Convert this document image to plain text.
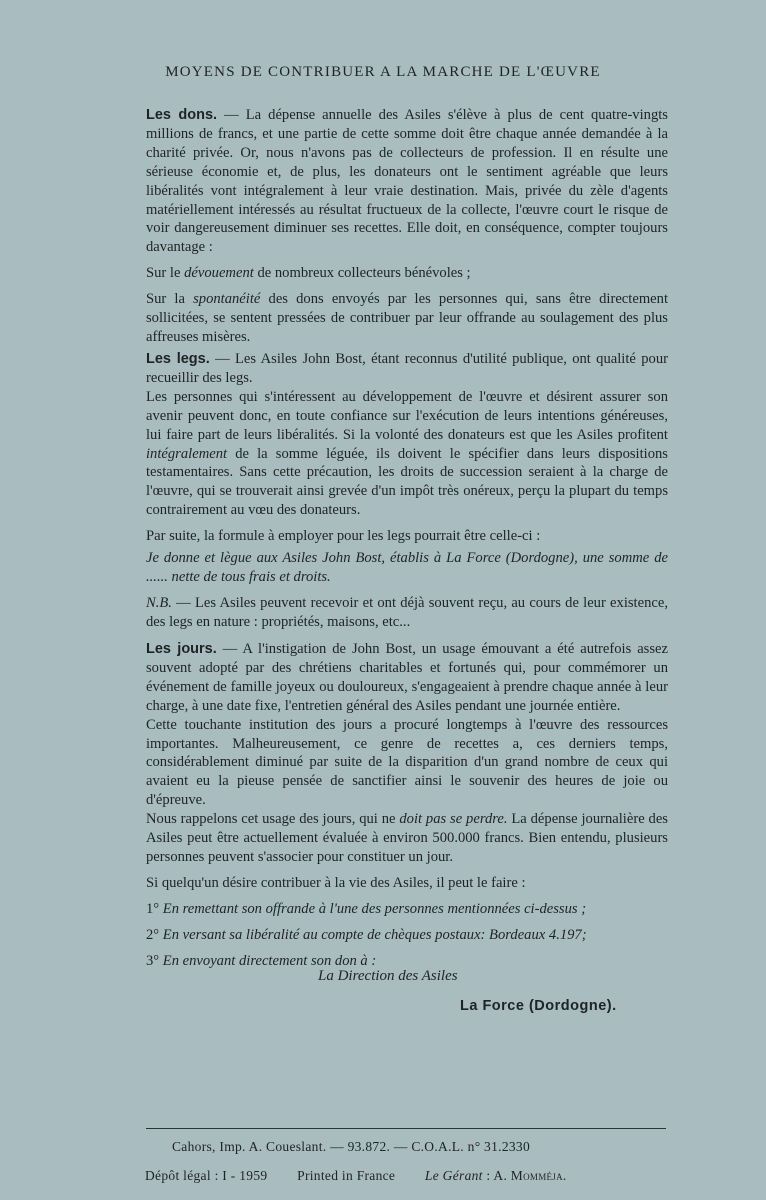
MOYENS DE CONTRIBUER A LA MARCHE DE L'ŒUVRE

Les dons. — La dépense annuelle des Asiles s'élève à plus de cent quatre-vingts millions de francs, et une partie de cette somme doit être chaque année demandée à la charité privée. Or, nous n'avons pas de collecteurs de profession. Il en résulte une sérieuse économie et, de plus, les donateurs ont le sentiment agréable que leurs libéralités vont intégralement à leur vraie destination. Mais, privée du zèle d'agents matériellement intéressés au résultat fructueux de la collecte, l'œuvre court le risque de voir dangereusement diminuer ses recettes. Elle doit, en conséquence, compter toujours davantage :

Sur le dévouement de nombreux collecteurs bénévoles ;

Sur la spontanéité des dons envoyés par les personnes qui, sans être directement sollicitées, se sentent pressées de contribuer par leur offrande au soulagement des plus affreuses misères.

Les legs. — Les Asiles John Bost, étant reconnus d'utilité publique, ont qualité pour recueillir des legs.

Les personnes qui s'intéressent au développement de l'œuvre et désirent assurer son avenir peuvent donc, en toute confiance sur l'exécution de leurs intentions généreuses, lui faire part de leurs libéralités. Si la volonté des donateurs est que les Asiles profitent intégralement de la somme léguée, ils doivent le spécifier dans leurs dispositions testamentaires. Sans cette précaution, les droits de succession seraient à la charge de l'œuvre, qui se trouverait ainsi grevée d'un impôt très onéreux, perçu la plupart du temps contrairement au vœu des donateurs.

Par suite, la formule à employer pour les legs pourrait être celle-ci :

Je donne et lègue aux Asiles John Bost, établis à La Force (Dordogne), une somme de ...... nette de tous frais et droits.

N.B. — Les Asiles peuvent recevoir et ont déjà souvent reçu, au cours de leur existence, des legs en nature : propriétés, maisons, etc...

Les jours. — A l'instigation de John Bost, un usage émouvant a été autrefois assez souvent adopté par des chrétiens charitables et fortunés qui, pour commémorer un événement de famille joyeux ou douloureux, s'engageaient à prendre chaque année à leur charge, à une date fixe, l'entretien général des Asiles pendant une journée entière.

Cette touchante institution des jours a procuré longtemps à l'œuvre des ressources importantes. Malheureusement, ce genre de recettes a, ces derniers temps, considérablement diminué par suite de la disparition d'un grand nombre de ceux qui avaient eu la pieuse pensée de sanctifier ainsi le souvenir des heures de joie ou d'épreuve.

Nous rappelons cet usage des jours, qui ne doit pas se perdre. La dépense journalière des Asiles peut être actuellement évaluée à environ 500.000 francs. Bien entendu, plusieurs personnes peuvent s'associer pour constituer un jour.

Si quelqu'un désire contribuer à la vie des Asiles, il peut le faire :

1° En remettant son offrande à l'une des personnes mentionnées ci-dessus ;

2° En versant sa libéralité au compte de chèques postaux: Bordeaux 4.197;

3° En envoyant directement son don à :

La Direction des Asiles
La Force (Dordogne).
Cahors, Imp. A. Coueslant. — 93.872. — C.O.A.L. n° 31.2330
Dépôt légal : I - 1959 Printed in France Le Gérant : A. Momméja.
